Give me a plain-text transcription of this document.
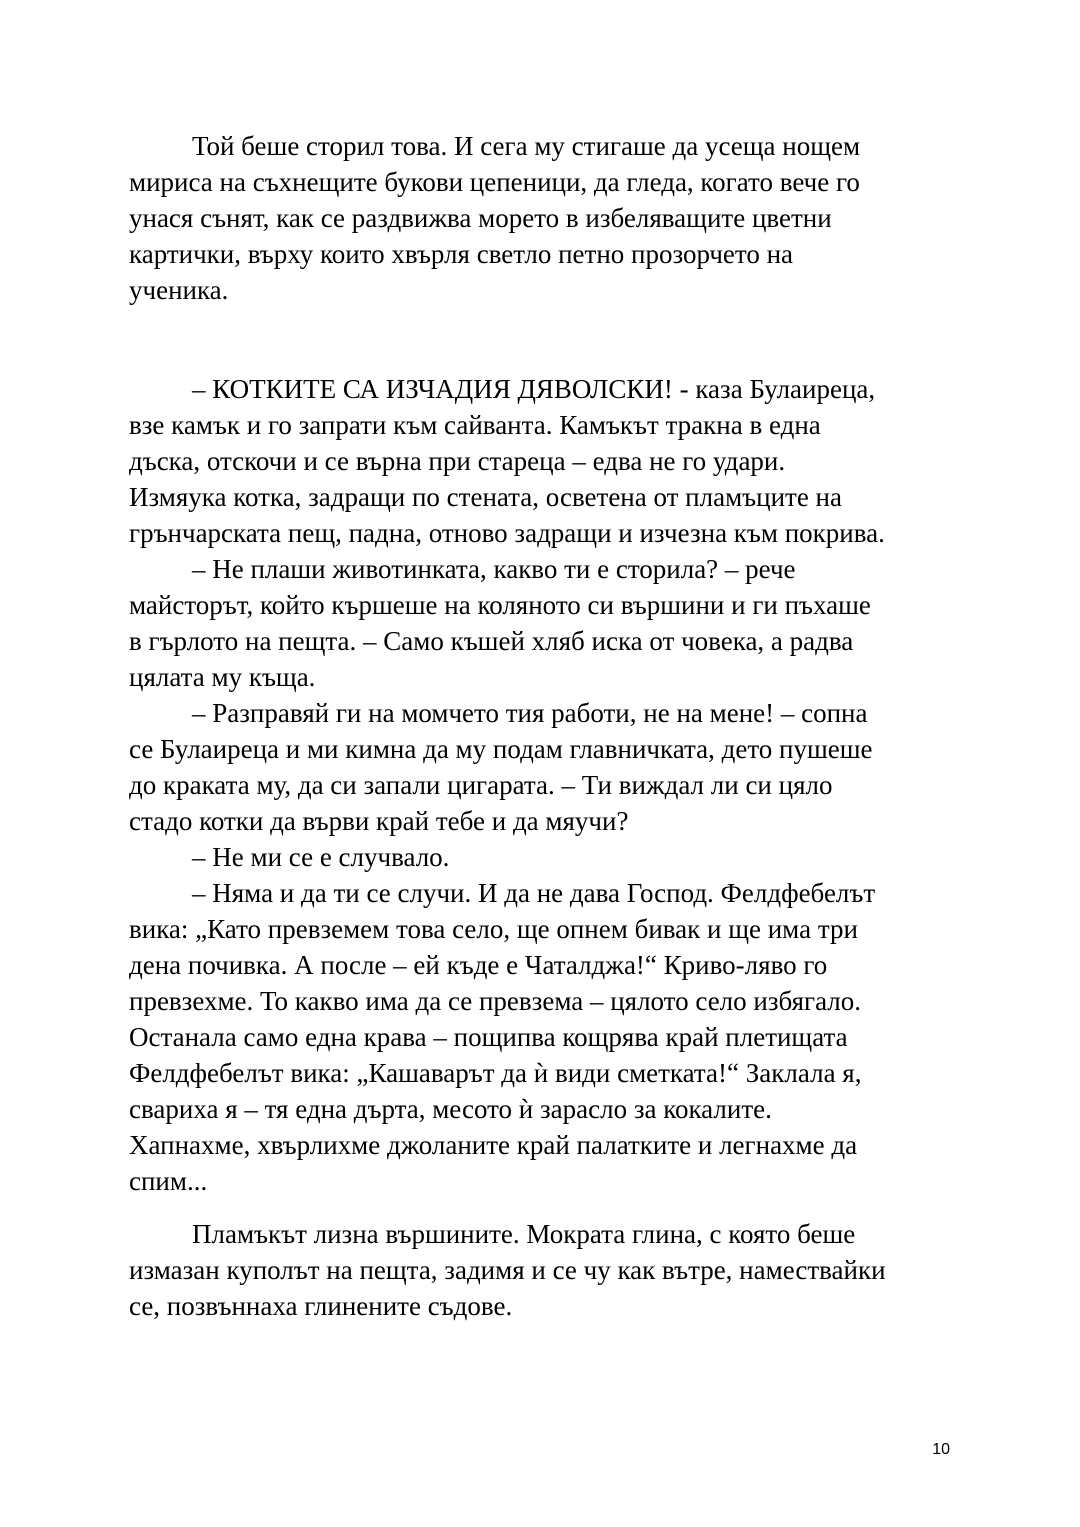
Той беше сторил това. И сега му стигаше да усеща нощем
мириса на съхнещите букови цепеници, да гледа, когато вече го
унася сънят, как се раздвижва морето в избеляващите цветни
картички, върху които хвърля светло петно прозорчето на
ученика.
– КОТКИТЕ СА ИЗЧАДИЯ ДЯВОЛСКИ! - каза Булаиреца,
взе камък и го запрати към сайванта. Камъкът тракна в една
дъска, отскочи и се върна при стареца – едва не го удари.
Измяука котка, задращи по стената, осветена от пламъците на
грънчарската пещ, падна, отново задращи и изчезна към покрива.
– Не плаши животинката, какво ти е сторила? – рече
майсторът, който кършеше на коляното си вършини и ги пъхаше
в гърлото на пещта. – Само къшей хляб иска от човека, а радва
цялата му къща.
– Разправяй ги на момчето тия работи, не на мене! – сопна
се Булаиреца и ми кимна да му подам главничката, дето пушеше
до краката му, да си запали цигарата. – Ти виждал ли си цяло
стадо котки да върви край тебе и да мяучи?
– Не ми се е случвало.
– Няма и да ти се случи. И да не дава Господ. Фелдфебелът
вика: „Като превземем това село, ще опнем бивак и ще има три
дена почивка. А после – ей къде е Чаталджа!“ Криво-ляво го
превзехме. То какво има да се превзема – цялото село избягало.
Останала само една крава – пощипва кощрява край плетищата
Фелдфебелът вика: „Кашаварът да ѝ види сметката!“ Заклала я,
свариха я – тя една дърта, месото ѝ зарасло за кокалите.
Хапнахме, хвърлихме джоланите край палатките и легнахме да
спим...
Пламъкът лизна вършините. Мократа глина, с която беше
измазан куполът на пещта, задимя и се чу как вътре, намествайки
се, позвъннаха глинените съдове.
10
